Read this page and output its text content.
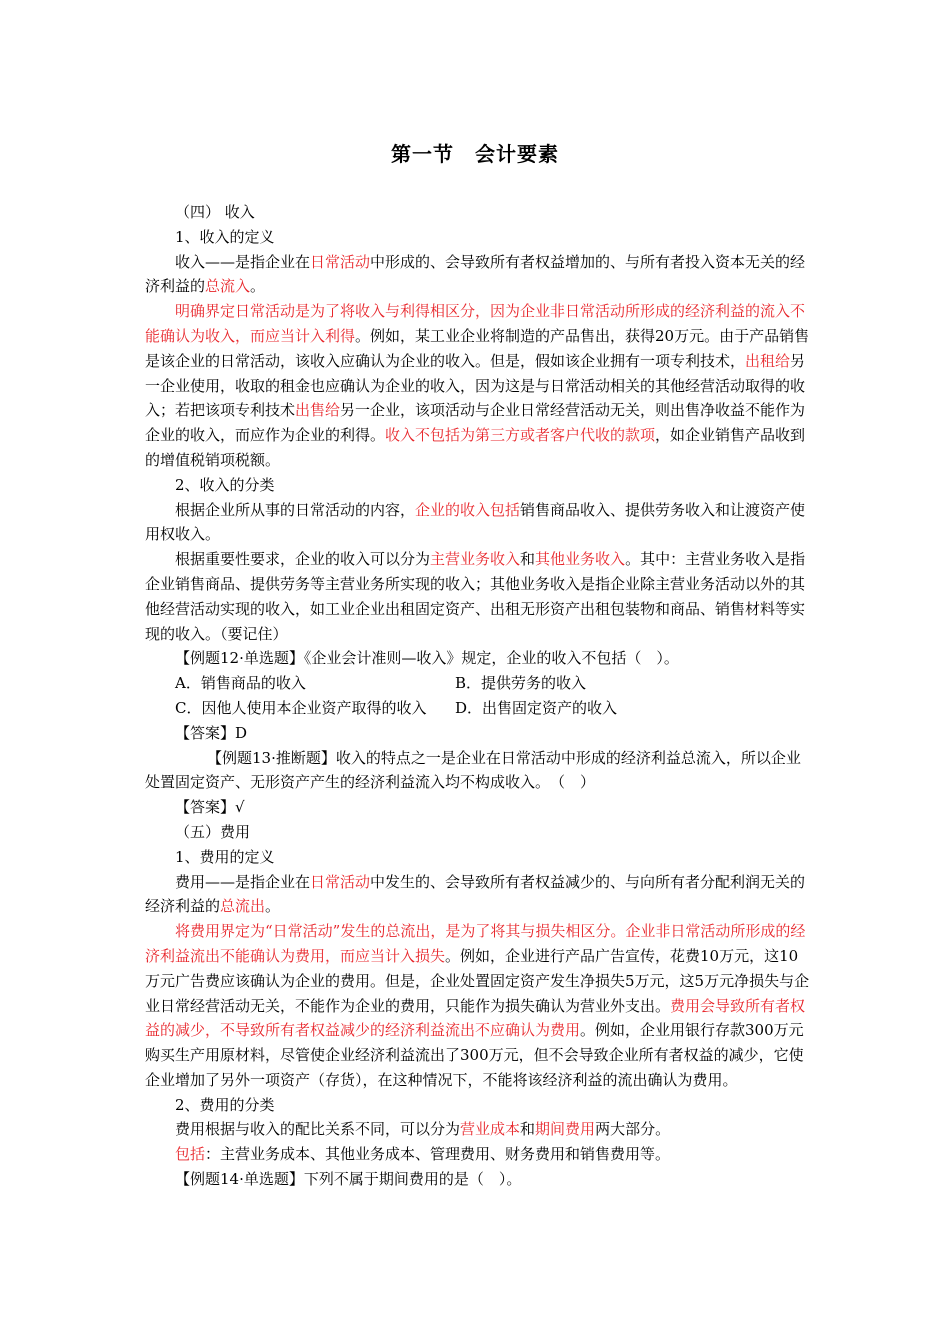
第一节　会计要素

（四） 收入

1、收入的定义

收入——是指企业在日常活动中形成的、会导致所有者权益增加的、与所有者投入资本无关的经济利益的总流入。

明确界定日常活动是为了将收入与利得相区分，因为企业非日常活动所形成的经济利益的流入不能确认为收入，而应当计入利得。例如，某工业企业将制造的产品售出，获得20万元。由于产品销售是该企业的日常活动，该收入应确认为企业的收入。但是，假如该企业拥有一项专利技术，出租给另一企业使用，收取的租金也应确认为企业的收入，因为这是与日常活动相关的其他经营活动取得的收入；若把该项专利技术出售给另一企业，该项活动与企业日常经营活动无关，则出售净收益不能作为企业的收入，而应作为企业的利得。收入不包括为第三方或者客户代收的款项，如企业销售产品收到的增值税销项税额。

2、收入的分类

根据企业所从事的日常活动的内容，企业的收入包括销售商品收入、提供劳务收入和让渡资产使用权收入。

根据重要性要求，企业的收入可以分为主营业务收入和其他业务收入。其中：主营业务收入是指企业销售商品、提供劳务等主营业务所实现的收入；其他业务收入是指企业除主营业务活动以外的其他经营活动实现的收入，如工业企业出租固定资产、出租无形资产出租包装物和商品、销售材料等实现的收入。（要记住）

【例题12·单选题】《企业会计准则—收入》规定，企业的收入不包括（　）。

A．销售商品的收入	B．提供劳务的收入
C．因他人使用本企业资产取得的收入	D．出售固定资产的收入

【答案】D

【例题13·推断题】收入的特点之一是企业在日常活动中形成的经济利益总流入，所以企业处置固定资产、无形资产产生的经济利益流入均不构成收入。　（　）

【答案】√

（五）费用

1、费用的定义

费用——是指企业在日常活动中发生的、会导致所有者权益减少的、与向所有者分配利润无关的经济利益的总流出。

将费用界定为“日常活动”发生的总流出，是为了将其与损失相区分。企业非日常活动所形成的经济利益流出不能确认为费用，而应当计入损失。例如，企业进行产品广告宣传，花费10万元，这10万元广告费应该确认为企业的费用。但是，企业处置固定资产发生净损失5万元，这5万元净损失与企业日常经营活动无关，不能作为企业的费用，只能作为损失确认为营业外支出。费用会导致所有者权益的减少，不导致所有者权益减少的经济利益流出不应确认为费用。例如，企业用银行存款300万元购买生产用原材料，尽管使企业经济利益流出了300万元，但不会导致企业所有者权益的减少，它使企业增加了另外一项资产（存货），在这种情况下，不能将该经济利益的流出确认为费用。

2、费用的分类

费用根据与收入的配比关系不同，可以分为营业成本和期间费用两大部分。

包括：主营业务成本、其他业务成本、管理费用、财务费用和销售费用等。

【例题14·单选题】下列不属于期间费用的是（　）。
